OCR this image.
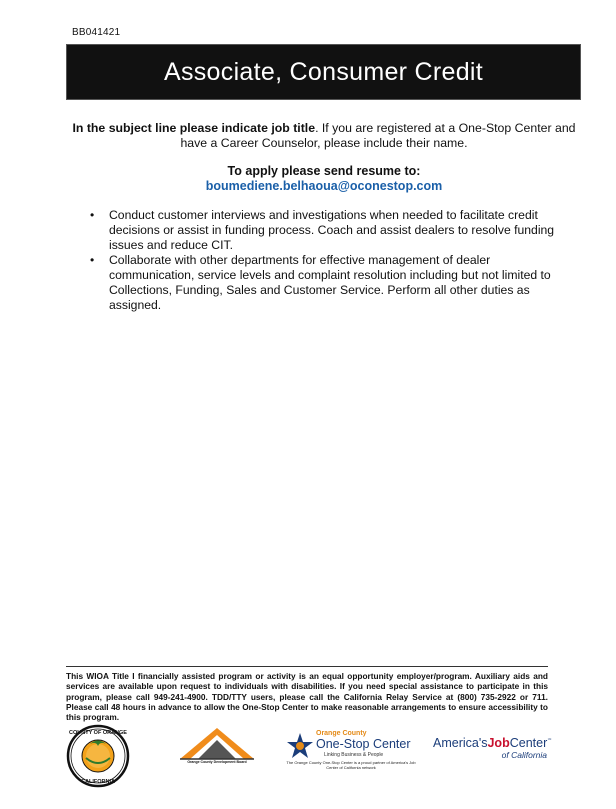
BB041421
Associate, Consumer Credit
In the subject line please indicate job title. If you are registered at a One-Stop Center and have a Career Counselor, please include their name.
To apply please send resume to:
boumediene.belhaoua@oconestop.com
• Conduct customer interviews and investigations when needed to facilitate credit decisions or assist in funding process. Coach and assist dealers to resolve funding issues and reduce CIT.
• Collaborate with other departments for effective management of dealer communication, service levels and complaint resolution including but not limited to Collections, Funding, Sales and Customer Service. Perform all other duties as assigned.
This WIOA Title I financially assisted program or activity is an equal opportunity employer/program. Auxiliary aids and services are available upon request to individuals with disabilities. If you need special assistance to participate in this program, please call 949-241-4900. TDD/TTY users, please call the California Relay Service at (800) 735-2922 or 711. Please call 48 hours in advance to allow the One-Stop Center to make reasonable arrangements to ensure accessibility to this program.
COUNTY OF ORANGE
CALIFORNIA
Orange County Development Board
Orange County
One-Stop Center
Linking Business & People
The Orange County One-Stop Center is a proud partner of America's Job Center of California network
America'sJobCenter℠
of California
